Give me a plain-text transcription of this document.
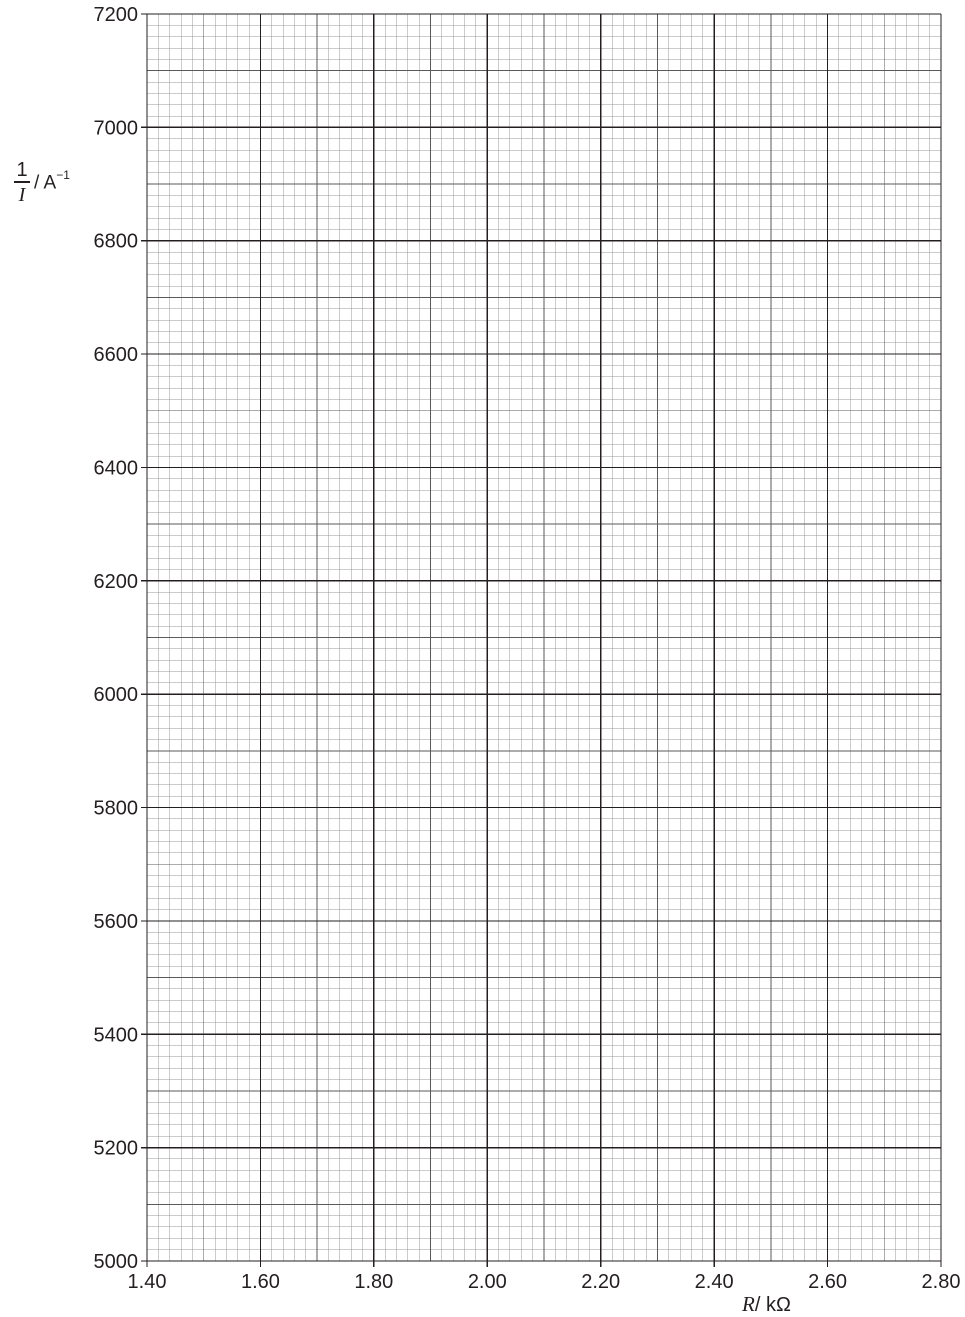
1.40	1.60	1.80	2.00	2.20	2.40	2.60	2.80
5000
5200
5400
5600
5800
6000
6200
6400
6600
6800
7000
7200
1
I
/ $A^{-1}$
R/ kΩ
